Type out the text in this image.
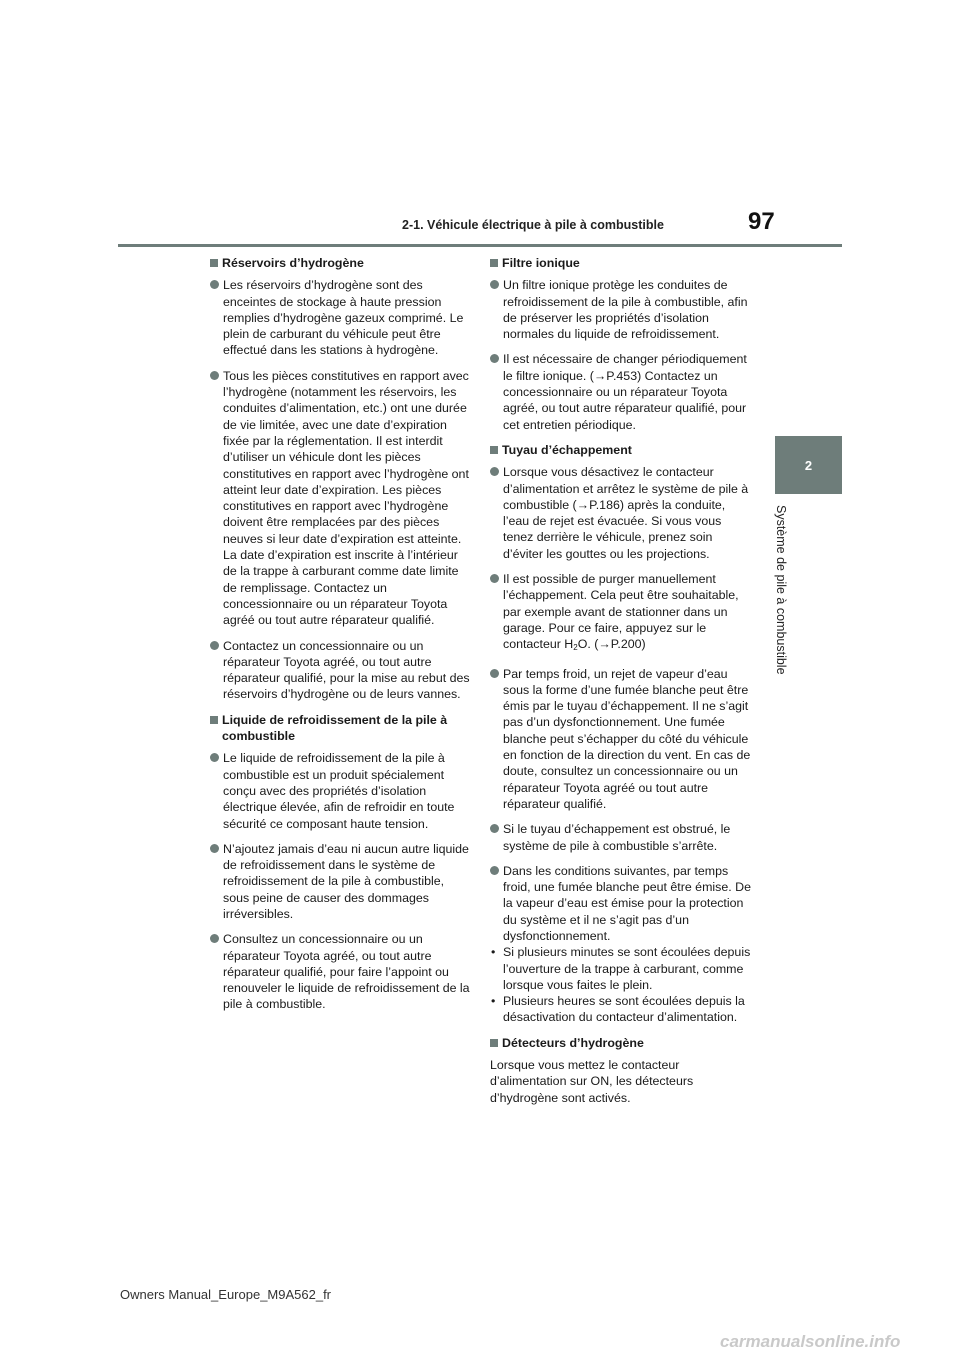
2-1. Véhicule électrique à pile à combustible	97
2
Système de pile à combustible
Réservoirs d’hydrogène
Les réservoirs d’hydrogène sont des enceintes de stockage à haute pression remplies d’hydrogène gazeux comprimé. Le plein de carburant du véhicule peut être effectué dans les stations à hydrogène.
Tous les pièces constitutives en rapport avec l’hydrogène (notamment les réservoirs, les conduites d’alimentation, etc.) ont une durée de vie limitée, avec une date d’expiration fixée par la réglementation. Il est interdit d’utiliser un véhicule dont les pièces constitutives en rapport avec l’hydrogène ont atteint leur date d’expiration. Les pièces constitutives en rapport avec l’hydrogène doivent être remplacées par des pièces neuves si leur date d’expiration est atteinte. La date d’expiration est inscrite à l’intérieur de la trappe à carburant comme date limite de remplissage. Contactez un concessionnaire ou un réparateur Toyota agréé ou tout autre réparateur qualifié.
Contactez un concessionnaire ou un réparateur Toyota agréé, ou tout autre réparateur qualifié, pour la mise au rebut des réservoirs d’hydrogène ou de leurs vannes.
Liquide de refroidissement de la pile à combustible
Le liquide de refroidissement de la pile à combustible est un produit spécialement conçu avec des propriétés d’isolation électrique élevée, afin de refroidir en toute sécurité ce composant haute tension.
N’ajoutez jamais d’eau ni aucun autre liquide de refroidissement dans le système de refroidissement de la pile à combustible, sous peine de causer des dommages irréversibles.
Consultez un concessionnaire ou un réparateur Toyota agréé, ou tout autre réparateur qualifié, pour faire l’appoint ou renouveler le liquide de refroidissement de la pile à combustible.
Filtre ionique
Un filtre ionique protège les conduites de refroidissement de la pile à combustible, afin de préserver les propriétés d’isolation normales du liquide de refroidissement.
Il est nécessaire de changer périodiquement le filtre ionique. (→P.453) Contactez un concessionnaire ou un réparateur Toyota agréé, ou tout autre réparateur qualifié, pour cet entretien périodique.
Tuyau d’échappement
Lorsque vous désactivez le contacteur d’alimentation et arrêtez le système de pile à combustible (→P.186) après la conduite, l’eau de rejet est évacuée. Si vous vous tenez derrière le véhicule, prenez soin d’éviter les gouttes ou les projections.
Il est possible de purger manuellement l’échappement. Cela peut être souhaitable, par exemple avant de stationner dans un garage. Pour ce faire, appuyez sur le contacteur $H_2O$. (→P.200)
Par temps froid, un rejet de vapeur d’eau sous la forme d’une fumée blanche peut être émis par le tuyau d’échappement. Il ne s’agit pas d’un dysfonctionnement. Une fumée blanche peut s’échapper du côté du véhicule en fonction de la direction du vent. En cas de doute, consultez un concessionnaire ou un réparateur Toyota agréé ou tout autre réparateur qualifié.
Si le tuyau d’échappement est obstrué, le système de pile à combustible s’arrête.
Dans les conditions suivantes, par temps froid, une fumée blanche peut être émise. De la vapeur d’eau est émise pour la protection du système et il ne s’agit pas d’un dysfonctionnement.
• Si plusieurs minutes se sont écoulées depuis l’ouverture de la trappe à carburant, comme lorsque vous faites le plein.
• Plusieurs heures se sont écoulées depuis la désactivation du contacteur d’alimentation.
Détecteurs d’hydrogène
Lorsque vous mettez le contacteur d’alimentation sur ON, les détecteurs d’hydrogène sont activés.
Owners Manual_Europe_M9A562_fr
carmanualsonline.info
